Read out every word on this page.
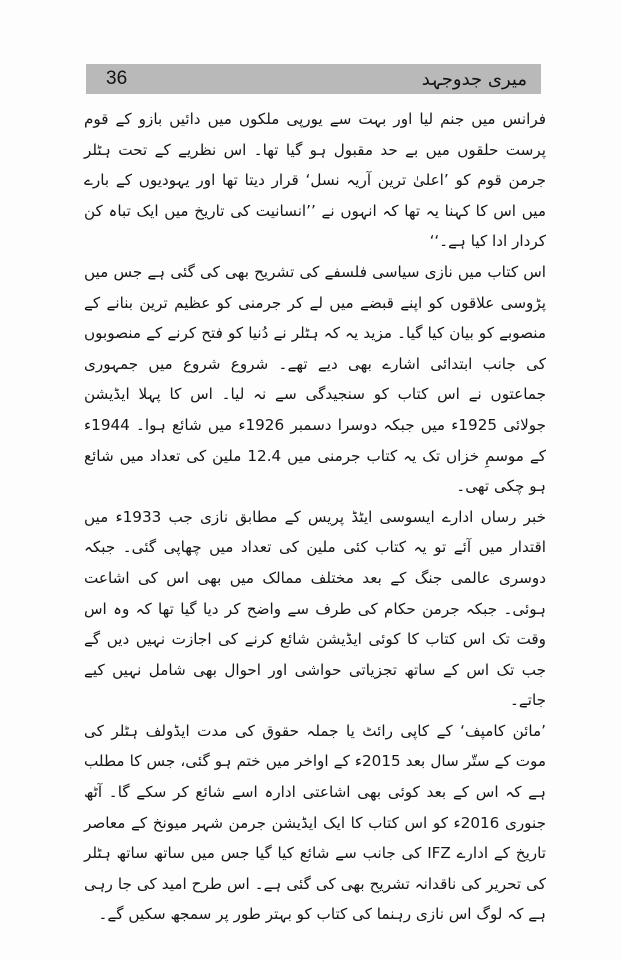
36	میری جدوجہد

فرانس میں جنم لیا اور بہت سے یورپی ملکوں میں دائیں بازو کے قوم پرست حلقوں میں بے حد مقبول ہو گیا تھا۔ اس نظریے کے تحت ہٹلر جرمن قوم کو ’اعلیٰ ترین آریہ نسل‘ قرار دیتا تھا اور یہودیوں کے بارے میں اس کا کہنا یہ تھا کہ انہوں نے ’’انسانیت کی تاریخ میں ایک تباہ کن کردار ادا کیا ہے۔‘‘

اس کتاب میں نازی سیاسی فلسفے کی تشریح بھی کی گئی ہے جس میں پڑوسی علاقوں کو اپنے قبضے میں لے کر جرمنی کو عظیم ترین بنانے کے منصوبے کو بیان کیا گیا۔ مزید یہ کہ ہٹلر نے دُنیا کو فتح کرنے کے منصوبوں کی جانب ابتدائی اشارے بھی دیے تھے۔ شروع شروع میں جمہوری جماعتوں نے اس کتاب کو سنجیدگی سے نہ لیا۔ اس کا پہلا ایڈیشن جولائی 1925ء میں جبکہ دوسرا دسمبر 1926ء میں شائع ہوا۔ 1944ء کے موسمِ خزاں تک یہ کتاب جرمنی میں 12.4 ملین کی تعداد میں شائع ہو چکی تھی۔

خبر رساں ادارے ایسوسی ایٹڈ پریس کے مطابق نازی جب 1933ء میں اقتدار میں آئے تو یہ کتاب کئی ملین کی تعداد میں چھاپی گئی۔ جبکہ دوسری عالمی جنگ کے بعد مختلف ممالک میں بھی اس کی اشاعت ہوئی۔ جبکہ جرمن حکام کی طرف سے واضح کر دیا گیا تھا کہ وہ اس وقت تک اس کتاب کا کوئی ایڈیشن شائع کرنے کی اجازت نہیں دیں گے جب تک اس کے ساتھ تجزیاتی حواشی اور احوال بھی شامل نہیں کیے جاتے۔

’مائن کامپف‘ کے کاپی رائٹ یا جملہ حقوق کی مدت ایڈولف ہٹلر کی موت کے ستّر سال بعد 2015ء کے اواخر میں ختم ہو گئی، جس کا مطلب ہے کہ اس کے بعد کوئی بھی اشاعتی ادارہ اسے شائع کر سکے گا۔ آٹھ جنوری 2016ء کو اس کتاب کا ایک ایڈیشن جرمن شہر میونخ کے معاصر تاریخ کے ادارے IFZ کی جانب سے شائع کیا گیا جس میں ساتھ ساتھ ہٹلر کی تحریر کی ناقدانہ تشریح بھی کی گئی ہے۔ اس طرح امید کی جا رہی ہے کہ لوگ اس نازی رہنما کی کتاب کو بہتر طور پر سمجھ سکیں گے۔
